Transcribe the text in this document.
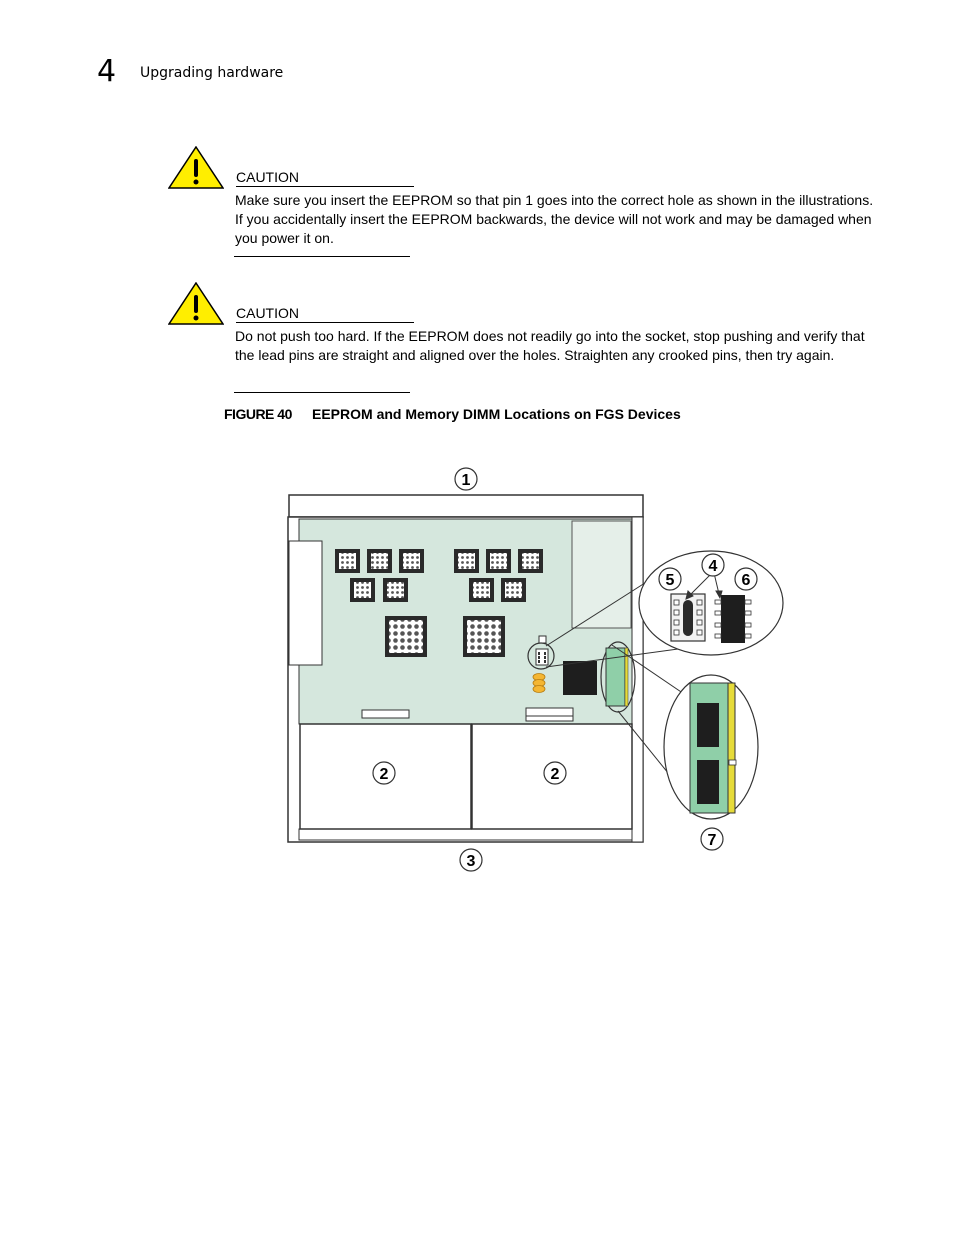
4 Upgrading hardware
CAUTION
Make sure you insert the EEPROM so that pin 1 goes into the correct hole as shown in the illustrations. If you accidentally insert the EEPROM backwards, the device will not work and may be damaged when you power it on.
CAUTION
Do not push too hard. If the EEPROM does not readily go into the socket, stop pushing and verify that the lead pins are straight and aligned over the holes. Straighten any crooked pins, then try again.
FIGURE 40 EEPROM and Memory DIMM Locations on FGS Devices
1
2	2
3
4
5	6
7
